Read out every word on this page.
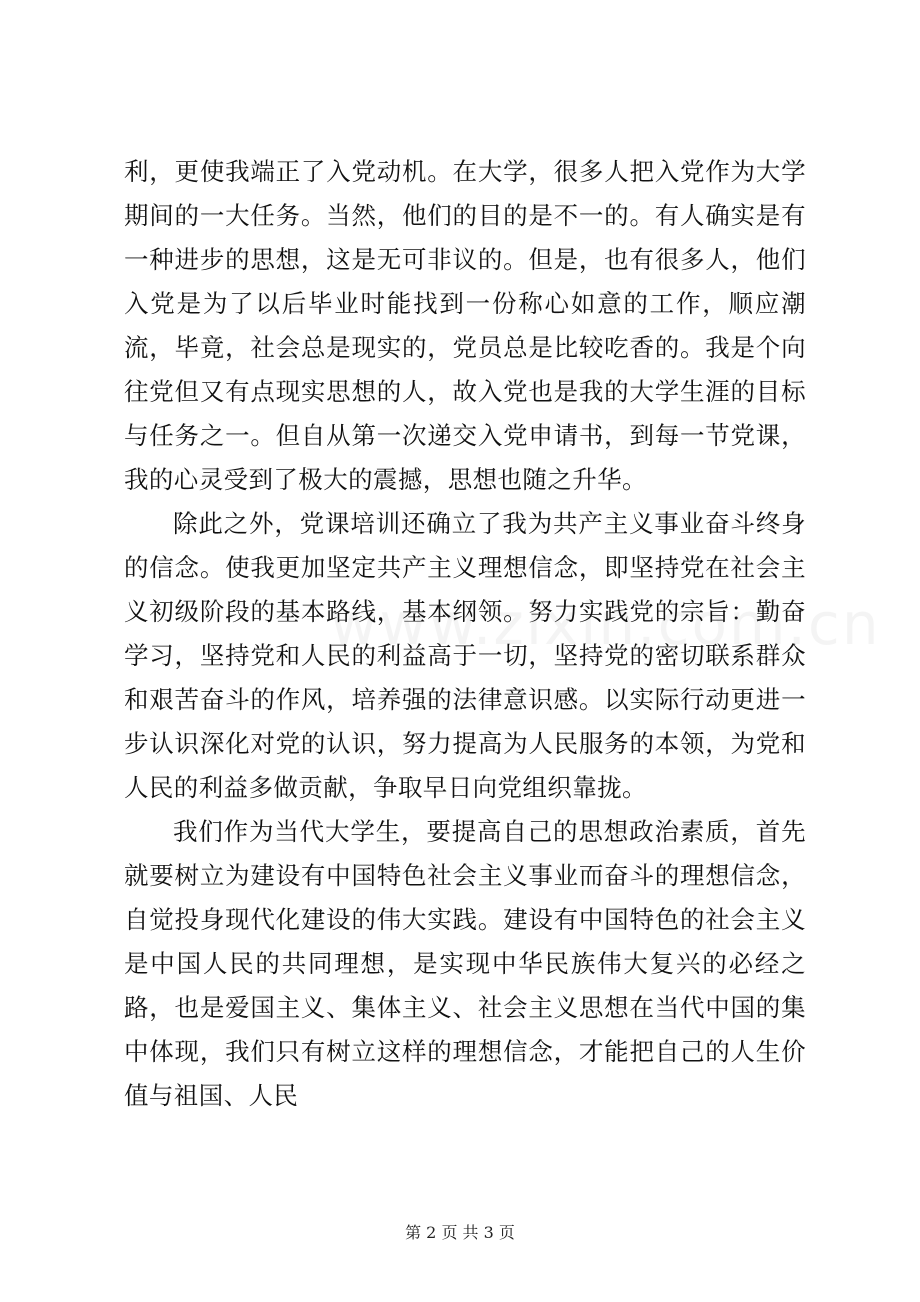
利，更使我端正了入党动机。在大学，很多人把入党作为大学期间的一大任务。当然，他们的目的是不一的。有人确实是有一种进步的思想，这是无可非议的。但是，也有很多人，他们入党是为了以后毕业时能找到一份称心如意的工作，顺应潮流，毕竟，社会总是现实的，党员总是比较吃香的。我是个向往党但又有点现实思想的人，故入党也是我的大学生涯的目标与任务之一。但自从第一次递交入党申请书，到每一节党课，我的心灵受到了极大的震撼，思想也随之升华。

除此之外，党课培训还确立了我为共产主义事业奋斗终身的信念。使我更加坚定共产主义理想信念，即坚持党在社会主义初级阶段的基本路线，基本纲领。努力实践党的宗旨：勤奋学习，坚持党和人民的利益高于一切，坚持党的密切联系群众和艰苦奋斗的作风，培养强的法律意识感。以实际行动更进一步认识深化对党的认识，努力提高为人民服务的本领，为党和人民的利益多做贡献，争取早日向党组织靠拢。

我们作为当代大学生，要提高自己的思想政治素质，首先就要树立为建设有中国特色社会主义事业而奋斗的理想信念，自觉投身现代化建设的伟大实践。建设有中国特色的社会主义是中国人民的共同理想，是实现中华民族伟大复兴的必经之路，也是爱国主义、集体主义、社会主义思想在当代中国的集中体现，我们只有树立这样的理想信念，才能把自己的人生价值与祖国、人民

第 2 页 共 3 页
